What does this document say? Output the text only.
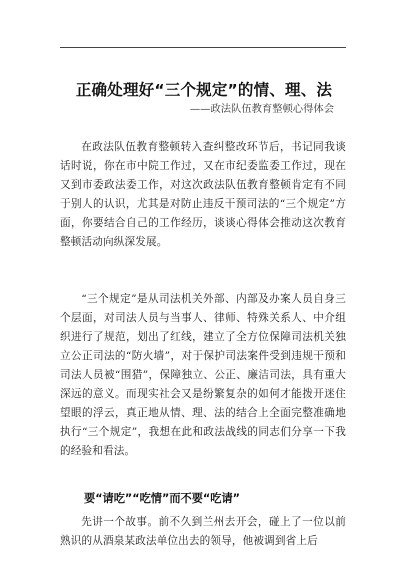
正确处理好“三个规定”的情、理、法

——政法队伍教育整顿心得体会

在政法队伍教育整顿转入查纠整改环节后，书记同我谈话时说，你在市中院工作过，又在市纪委监委工作过，现在又到市委政法委工作，对这次政法队伍教育整顿肯定有不同于别人的认识，尤其是对防止违反干预司法的“三个规定”方面，你要结合自己的工作经历，谈谈心得体会推动这次教育整顿活动向纵深发展。

“三个规定”是从司法机关外部、内部及办案人员自身三个层面，对司法人员与当事人、律师、特殊关系人、中介组织进行了规范，划出了红线，建立了全方位保障司法机关独立公正司法的“防火墙”，对于保护司法案件受到违规干预和司法人员被“围猎”，保障独立、公正、廉洁司法，具有重大深远的意义。而现实社会又是纷繁复杂的如何才能拨开迷住望眼的浮云，真正地从情、理、法的结合上全面完整准确地执行“三个规定”，我想在此和政法战线的同志们分享一下我的经验和看法。

要“请吃”“吃情”而不要“吃请”

先讲一个故事。前不久到兰州去开会，碰上了一位以前熟识的从酒泉某政法单位出去的领导，他被调到省上后
